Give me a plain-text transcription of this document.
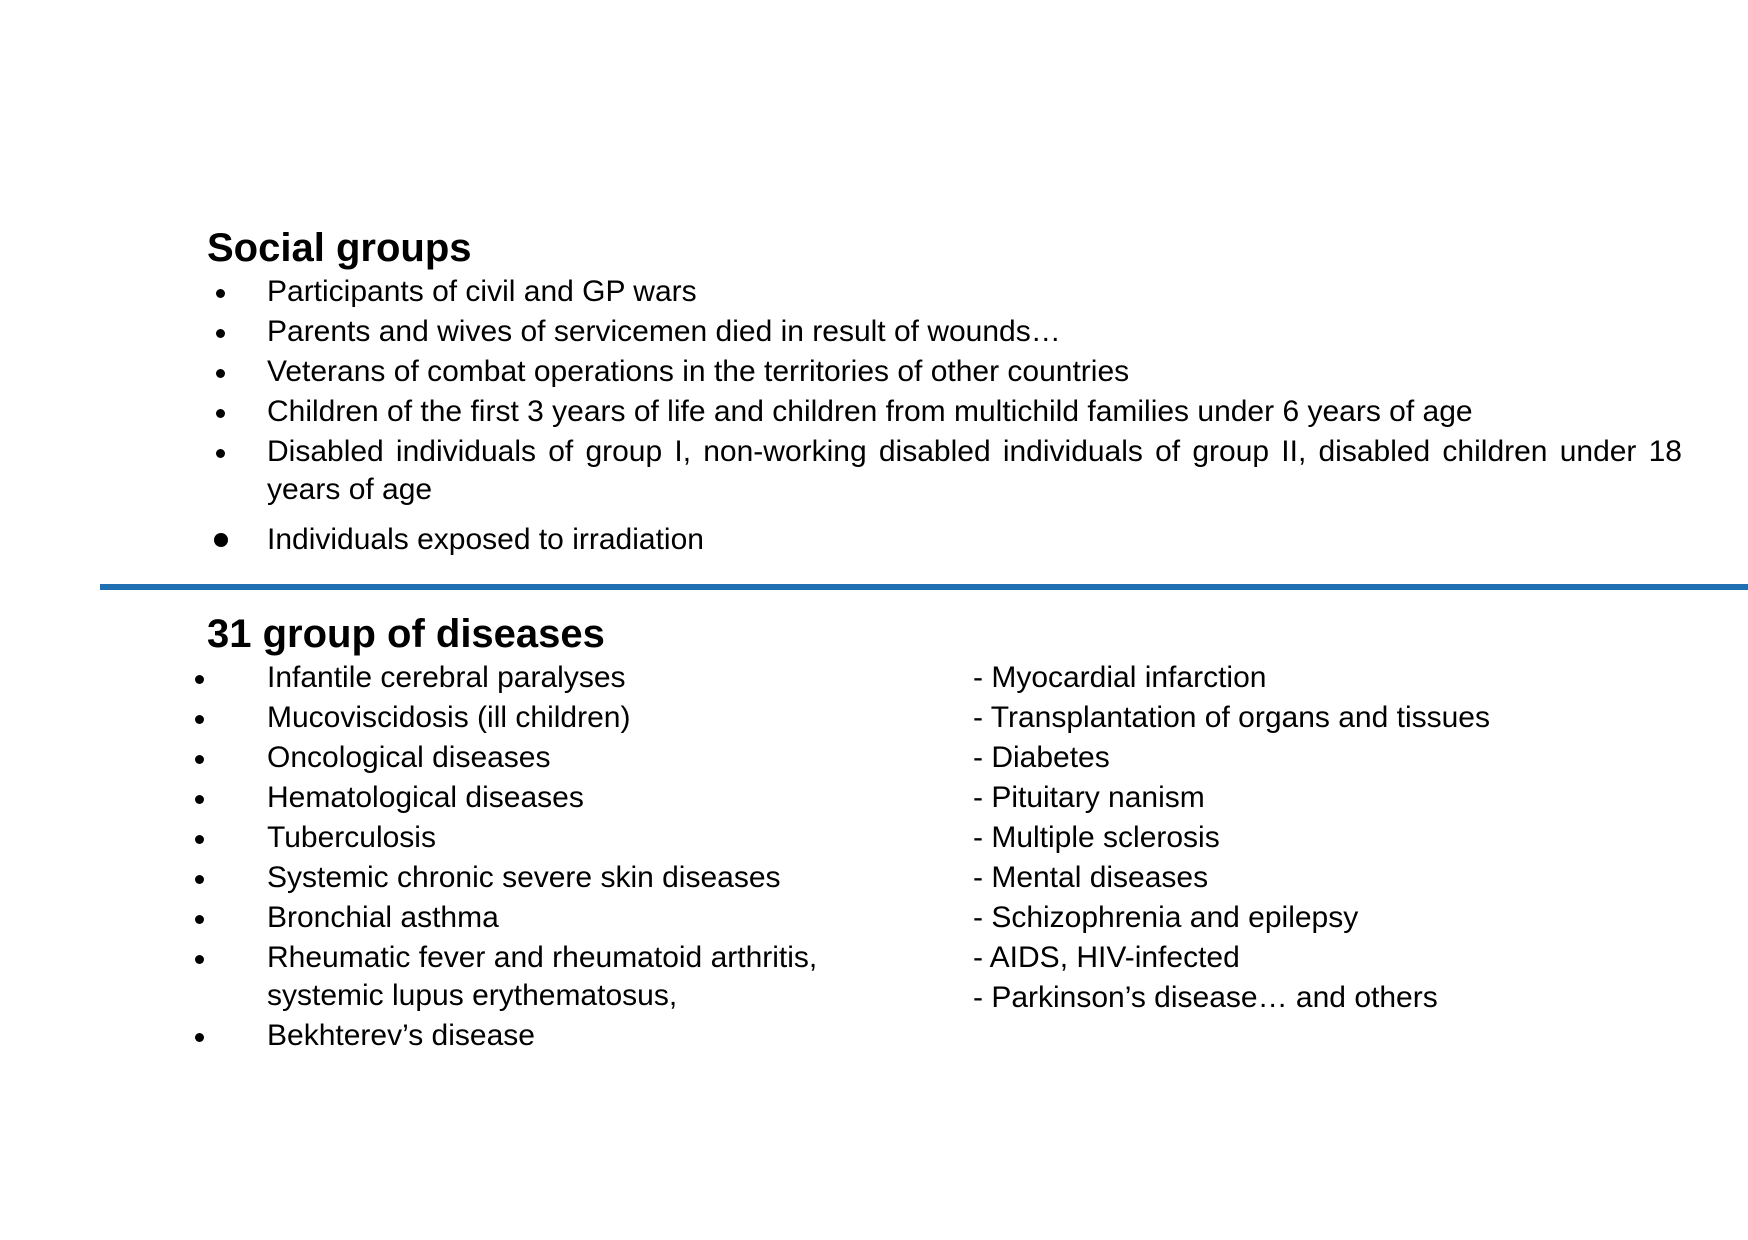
Social groups
Participants of civil and GP wars
Parents and wives of servicemen died in result of wounds…
Veterans of combat operations in the territories of other countries
Children of the first 3 years of life and children from multichild families under 6 years of age
Disabled individuals of group I, non-working disabled individuals of group II, disabled children under 18 years of age
Individuals exposed to irradiation
31 group of diseases
Infantile cerebral paralyses
Mucoviscidosis (ill children)
Oncological diseases
Hematological diseases
Tuberculosis
Systemic chronic severe skin diseases
Bronchial asthma
Rheumatic fever and rheumatoid arthritis, systemic lupus erythematosus,
Bekhterev’s disease
- Myocardial infarction
- Transplantation of organs and tissues
- Diabetes
- Pituitary nanism
- Multiple sclerosis
- Mental diseases
- Schizophrenia and epilepsy
- AIDS, HIV-infected
- Parkinson’s disease… and others
